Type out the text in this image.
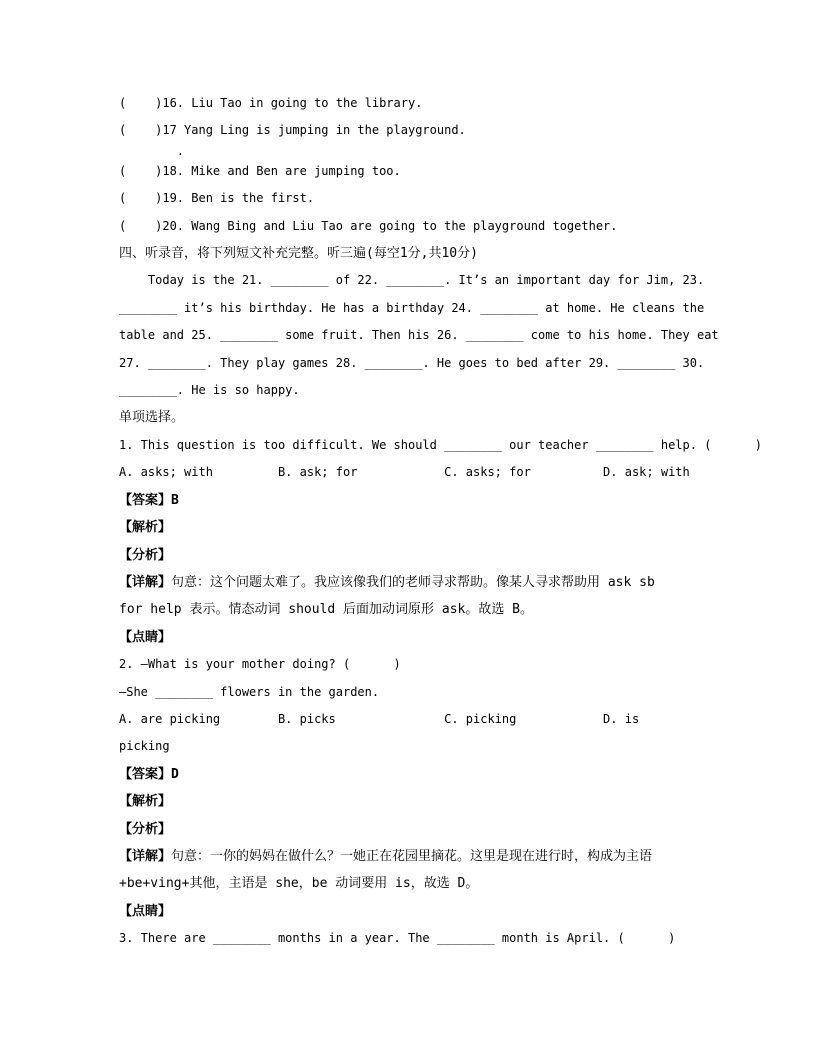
(    )16. Liu Tao in going to the library.
(    )17 Yang Ling is jumping in the playground.
.
(    )18. Mike and Ben are jumping too.
(    )19. Ben is the first.
(    )20. Wang Bing and Liu Tao are going to the playground together.
四、听录音，将下列短文补充完整。听三遍(每空1分,共10分)
Today is the 21. ________ of 22. ________. It’s an important day for Jim, 23.
________ it’s his birthday. He has a birthday 24. ________ at home. He cleans the
table and 25. ________ some fruit. Then his 26. ________ come to his home. They eat
27. ________. They play games 28. ________. He goes to bed after 29. ________ 30.
________. He is so happy.
单项选择。
1. This question is too difficult. We should ________ our teacher ________ help. (      )
A. asks; with         B. ask; for            C. asks; for          D. ask; with
【答案】B
【解析】
【分析】
【详解】句意：这个问题太难了。我应该像我们的老师寻求帮助。像某人寻求帮助用 ask sb
for help 表示。情态动词 should 后面加动词原形 ask。故选 B。
【点睛】
2. —What is your mother doing? (      )
—She ________ flowers in the garden.
A. are picking        B. picks               C. picking            D. is
picking
【答案】D
【解析】
【分析】
【详解】句意：一你的妈妈在做什么？一她正在花园里摘花。这里是现在进行时，构成为主语
+be+ving+其他，主语是 she，be 动词要用 is，故选 D。
【点睛】
3. There are ________ months in a year. The ________ month is April. (      )
